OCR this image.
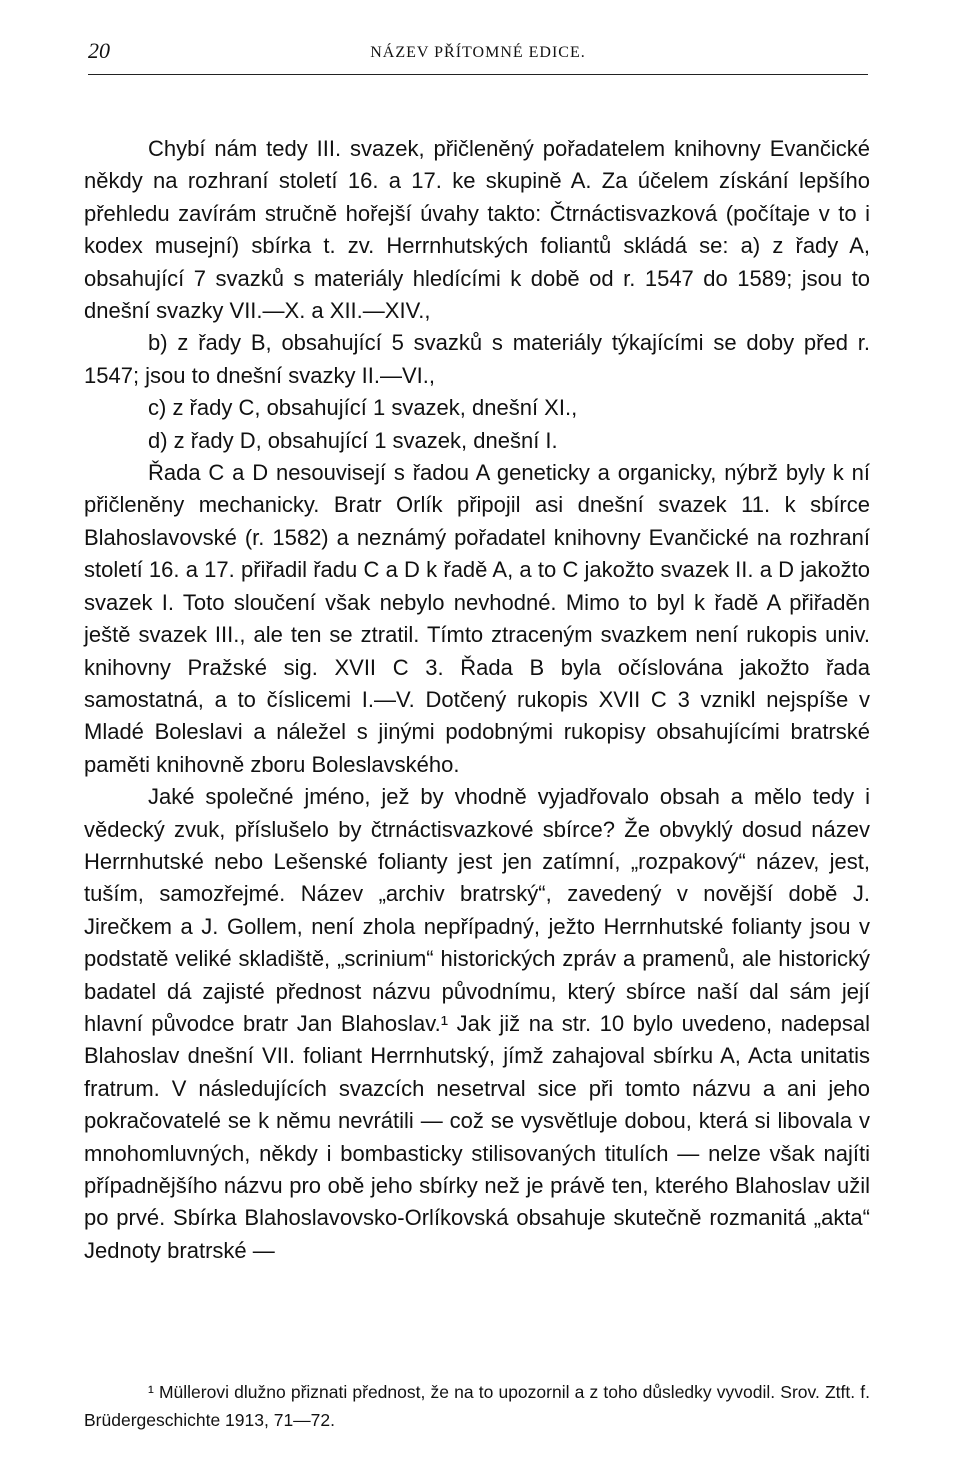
20	NÁZEV PŘÍTOMNÉ EDICE.

Chybí nám tedy III. svazek, přičleněný pořadatelem knihovny Evančické někdy na rozhraní století 16. a 17. ke skupině A. Za účelem získání lepšího přehledu zavírám stručně hořejší úvahy takto: Čtrnáctisvazková (počítaje v to i kodex musejní) sbírka t. zv. Herrnhutských foliantů skládá se: a) z řady A, obsahující 7 svazků s materiály hledícími k době od r. 1547 do 1589; jsou to dnešní svazky VII.—X. a XII.—XIV.,

b) z řady B, obsahující 5 svazků s materiály týkajícími se doby před r. 1547; jsou to dnešní svazky II.—VI.,

c) z řady C, obsahující 1 svazek, dnešní XI.,

d) z řady D, obsahující 1 svazek, dnešní I.

Řada C a D nesouvisejí s řadou A geneticky a organicky, nýbrž byly k ní přičleněny mechanicky. Bratr Orlík připojil asi dnešní svazek 11. k sbírce Blahoslavovské (r. 1582) a neznámý pořadatel knihovny Evančické na rozhraní století 16. a 17. přiřadil řadu C a D k řadě A, a to C jakožto svazek II. a D jakožto svazek I. Toto sloučení však nebylo nevhodné. Mimo to byl k řadě A přiřaděn ještě svazek III., ale ten se ztratil. Tímto ztraceným svazkem není rukopis univ. knihovny Pražské sig. XVII C 3. Řada B byla očíslována jakožto řada samostatná, a to číslicemi I.—V. Dotčený rukopis XVII C 3 vznikl nejspíše v Mladé Boleslavi a náležel s jinými podobnými rukopisy obsahujícími bratrské paměti knihovně zboru Boleslavského.

Jaké společné jméno, jež by vhodně vyjadřovalo obsah a mělo tedy i vědecký zvuk, příslušelo by čtrnáctisvazkové sbírce? Že obvyklý dosud název Herrnhutské nebo Lešenské folianty jest jen zatímní, „rozpakový“ název, jest, tuším, samozřejmé. Název „archiv bratrský“, zavedený v novější době J. Jirečkem a J. Gollem, není zhola nepřípadný, ježto Herrnhutské folianty jsou v podstatě veliké skladiště, „scrinium“ historických zpráv a pramenů, ale historický badatel dá zajisté přednost názvu původnímu, který sbírce naší dal sám její hlavní původce bratr Jan Blahoslav.¹ Jak již na str. 10 bylo uvedeno, nadepsal Blahoslav dnešní VII. foliant Herrnhutský, jímž zahajoval sbírku A, Acta unitatis fratrum. V následujících svazcích nesetrval sice při tomto názvu a ani jeho pokračovatelé se k němu nevrátili — což se vysvětluje dobou, která si libovala v mnohomluvných, někdy i bombasticky stilisovaných titulích — nelze však najíti případnějšího názvu pro obě jeho sbírky než je právě ten, kterého Blahoslav užil po prvé. Sbírka Blahoslavovsko-Orlíkovská obsahuje skutečně rozmanitá „akta“ Jednoty bratrské —

¹ Müllerovi dlužno přiznati přednost, že na to upozornil a z toho důsledky vyvodil. Srov. Ztft. f. Brüdergeschichte 1913, 71—72.
